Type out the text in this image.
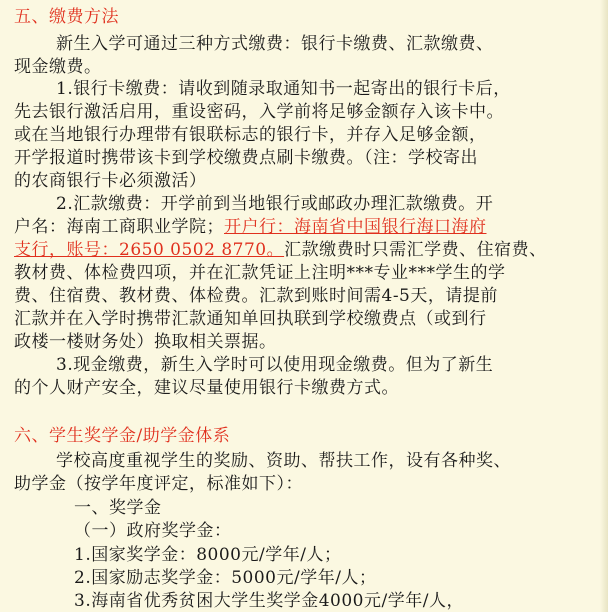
五、缴费方法
新生入学可通过三种方式缴费：银行卡缴费、汇款缴费、
现金缴费。
1.银行卡缴费：请收到随录取通知书一起寄出的银行卡后，
先去银行激活启用，重设密码，入学前将足够金额存入该卡中。
或在当地银行办理带有银联标志的银行卡，并存入足够金额，
开学报道时携带该卡到学校缴费点刷卡缴费。（注：学校寄出
的农商银行卡必须激活）
2.汇款缴费：开学前到当地银行或邮政办理汇款缴费。开
户名：海南工商职业学院；开户行：海南省中国银行海口海府
支行，账号：2650 0502 8770。汇款缴费时只需汇学费、住宿费、
教材费、体检费四项，并在汇款凭证上注明***专业***学生的学
费、住宿费、教材费、体检费。汇款到账时间需4-5天，请提前
汇款并在入学时携带汇款通知单回执联到学校缴费点（或到行
政楼一楼财务处）换取相关票据。
3.现金缴费，新生入学时可以使用现金缴费。但为了新生
的个人财产安全，建议尽量使用银行卡缴费方式。
六、学生奖学金/助学金体系
学校高度重视学生的奖励、资助、帮扶工作，设有各种奖、
助学金（按学年度评定，标准如下）：
一、奖学金
（一）政府奖学金：
1.国家奖学金：8000元/学年/人；
2.国家励志奖学金：5000元/学年/人；
3.海南省优秀贫困大学生奖学金4000元/学年/人，
